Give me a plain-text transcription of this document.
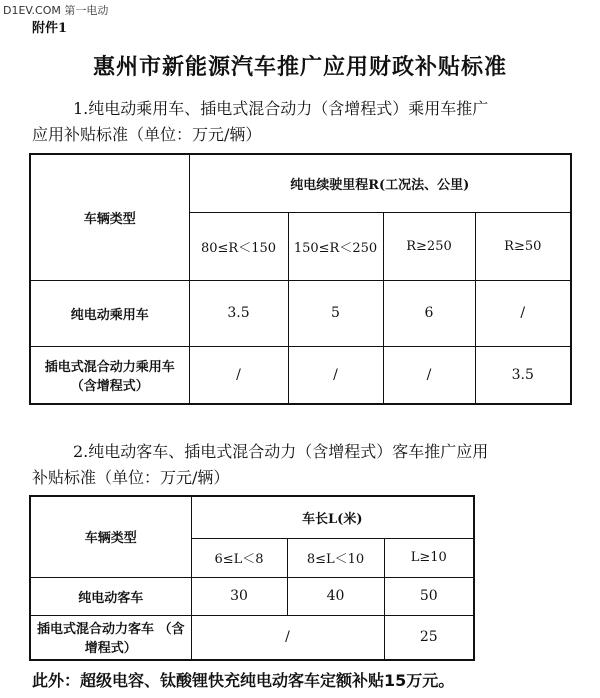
D1EV.COM 第一电动
附件1
惠州市新能源汽车推广应用财政补贴标准

1.纯电动乘用车、插电式混合动力（含增程式）乘用车推广
应用补贴标准（单位：万元/辆）

车辆类型	纯电续驶里程R(工况法、公里)			
	80≤R＜150	150≤R＜250	R≥250	R≥50
纯电动乘用车	3.5	5	6	/
插电式混合动力乘用车 （含增程式）	/	/	/	3.5

2.纯电动客车、插电式混合动力（含增程式）客车推广应用
补贴标准（单位：万元/辆）

车辆类型	车长L(米)		
	6≤L＜8	8≤L＜10	L≥10
纯电动客车	30	40	50
插电式混合动力客车 （含增程式）	/		25
此外：超级电容、钛酸锂快充纯电动客车定额补贴15万元。
